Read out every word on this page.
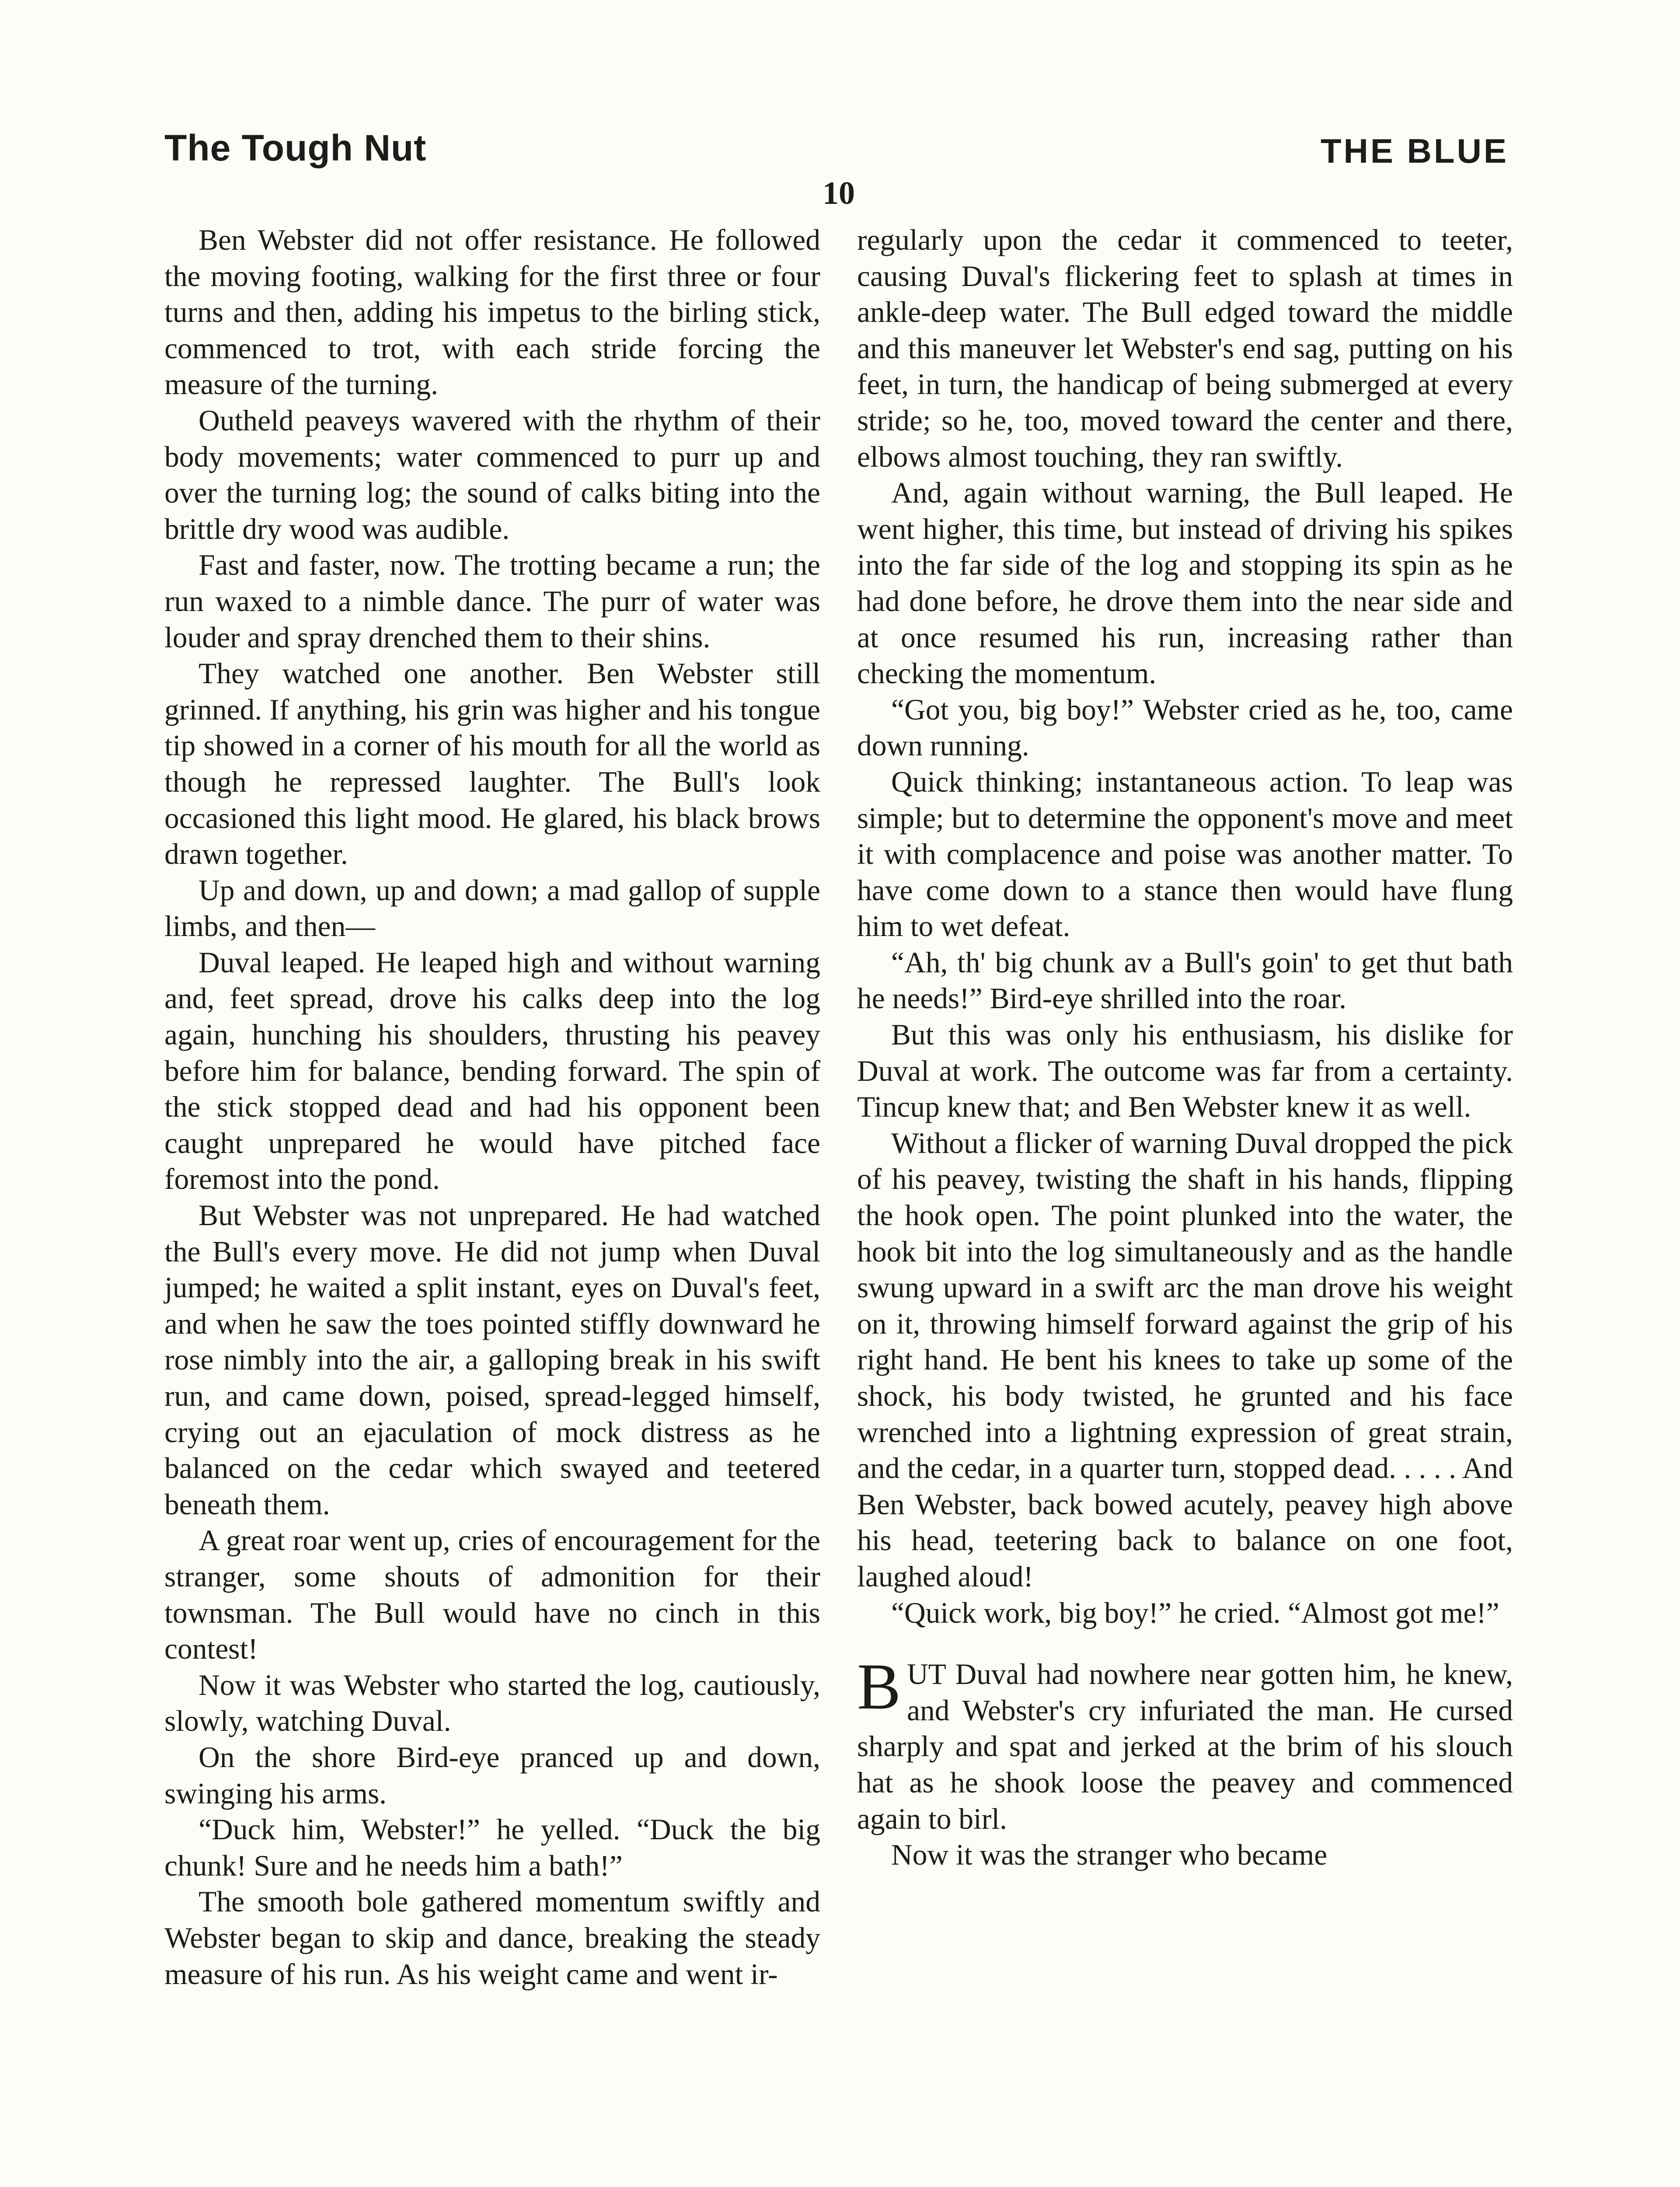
The Tough Nut	THE BLUE
10

Ben Webster did not offer resistance. He followed the moving footing, walking for the first three or four turns and then, adding his impetus to the birling stick, commenced to trot, with each stride forcing the measure of the turning.

Outheld peaveys wavered with the rhythm of their body movements; water commenced to purr up and over the turning log; the sound of calks biting into the brittle dry wood was audible.

Fast and faster, now. The trotting became a run; the run waxed to a nimble dance. The purr of water was louder and spray drenched them to their shins.

They watched one another. Ben Webster still grinned. If anything, his grin was higher and his tongue tip showed in a corner of his mouth for all the world as though he repressed laughter. The Bull's look occasioned this light mood. He glared, his black brows drawn together.

Up and down, up and down; a mad gallop of supple limbs, and then—

Duval leaped. He leaped high and without warning and, feet spread, drove his calks deep into the log again, hunching his shoulders, thrusting his peavey before him for balance, bending forward. The spin of the stick stopped dead and had his opponent been caught unprepared he would have pitched face foremost into the pond.

But Webster was not unprepared. He had watched the Bull's every move. He did not jump when Duval jumped; he waited a split instant, eyes on Duval's feet, and when he saw the toes pointed stiffly downward he rose nimbly into the air, a galloping break in his swift run, and came down, poised, spread-legged himself, crying out an ejaculation of mock distress as he balanced on the cedar which swayed and teetered beneath them.

A great roar went up, cries of encouragement for the stranger, some shouts of admonition for their townsman. The Bull would have no cinch in this contest!

Now it was Webster who started the log, cautiously, slowly, watching Duval.

On the shore Bird-eye pranced up and down, swinging his arms.

“Duck him, Webster!” he yelled. “Duck the big chunk! Sure and he needs him a bath!”

The smooth bole gathered momentum swiftly and Webster began to skip and dance, breaking the steady measure of his run. As his weight came and went ir-

regularly upon the cedar it commenced to teeter, causing Duval's flickering feet to splash at times in ankle-deep water. The Bull edged toward the middle and this maneuver let Webster's end sag, putting on his feet, in turn, the handicap of being submerged at every stride; so he, too, moved toward the center and there, elbows almost touching, they ran swiftly.

And, again without warning, the Bull leaped. He went higher, this time, but instead of driving his spikes into the far side of the log and stopping its spin as he had done before, he drove them into the near side and at once resumed his run, increasing rather than checking the momentum.

“Got you, big boy!” Webster cried as he, too, came down running.

Quick thinking; instantaneous action. To leap was simple; but to determine the opponent's move and meet it with complacence and poise was another matter. To have come down to a stance then would have flung him to wet defeat.

“Ah, th' big chunk av a Bull's goin' to get thut bath he needs!” Bird-eye shrilled into the roar.

But this was only his enthusiasm, his dislike for Duval at work. The outcome was far from a certainty. Tincup knew that; and Ben Webster knew it as well.

Without a flicker of warning Duval dropped the pick of his peavey, twisting the shaft in his hands, flipping the hook open. The point plunked into the water, the hook bit into the log simultaneously and as the handle swung upward in a swift arc the man drove his weight on it, throwing himself forward against the grip of his right hand. He bent his knees to take up some of the shock, his body twisted, he grunted and his face wrenched into a lightning expression of great strain, and the cedar, in a quarter turn, stopped dead. . . . . And Ben Webster, back bowed acutely, peavey high above his head, teetering back to balance on one foot, laughed aloud!

“Quick work, big boy!” he cried. “Almost got me!”

BUT Duval had nowhere near gotten him, he knew, and Webster's cry infuriated the man. He cursed sharply and spat and jerked at the brim of his slouch hat as he shook loose the peavey and commenced again to birl.

Now it was the stranger who became
